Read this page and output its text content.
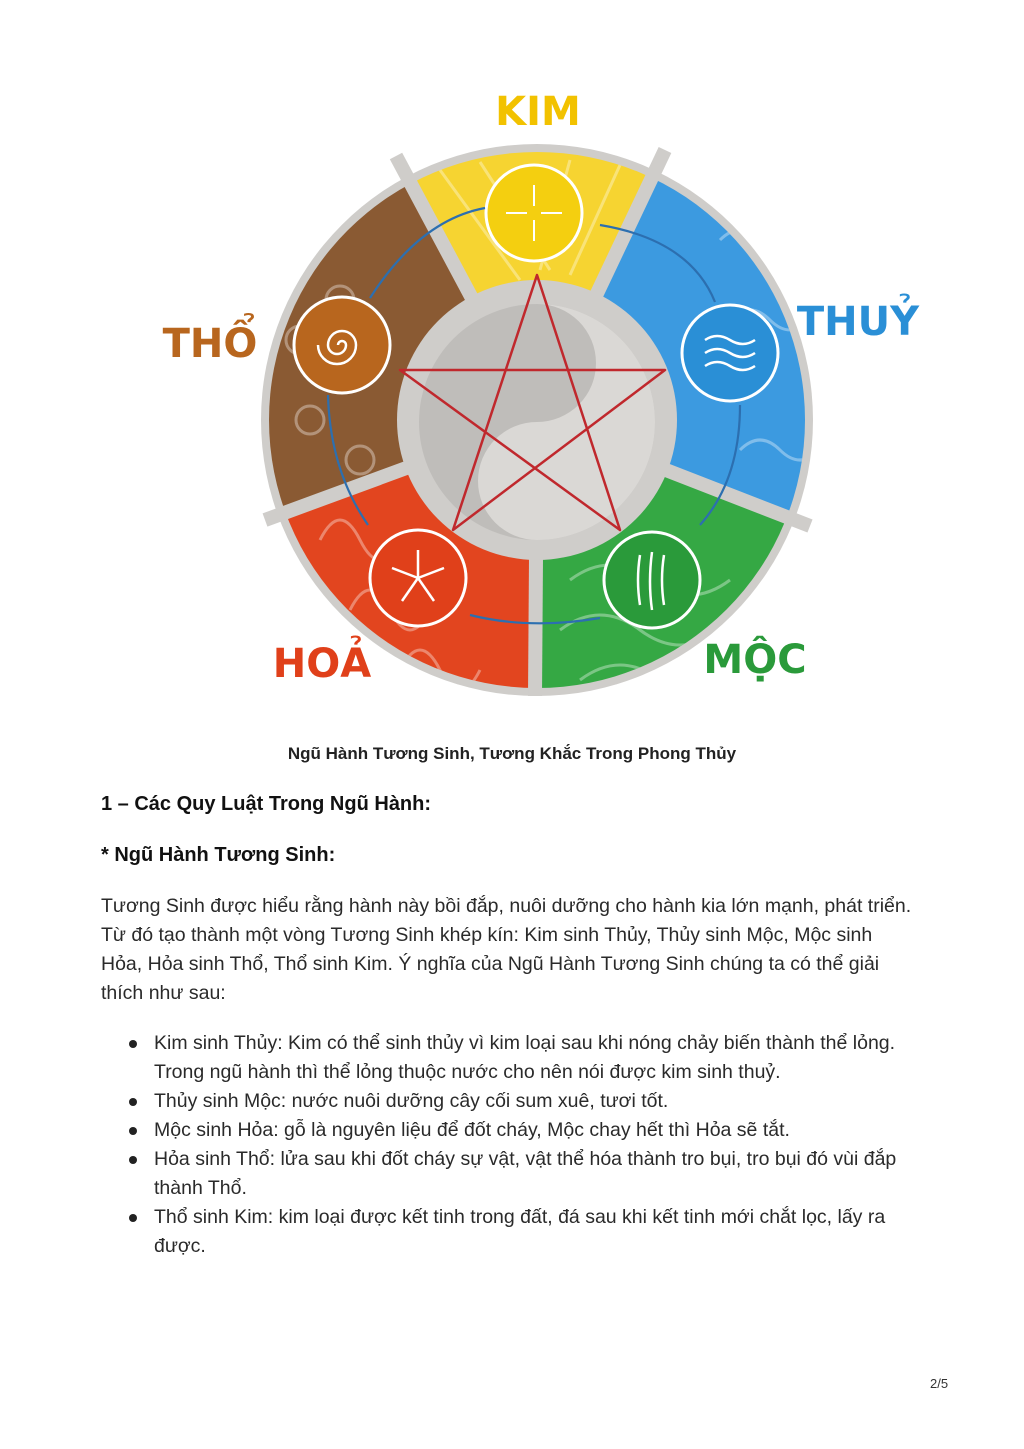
KIM
THUỶ
MỘC
HOẢ
THỔ
Ngũ Hành Tương Sinh, Tương Khắc Trong Phong Thủy
1 – Các Quy Luật Trong Ngũ Hành:
* Ngũ Hành Tương Sinh:

Tương Sinh được hiểu rằng hành này bồi đắp, nuôi dưỡng cho hành kia lớn mạnh, phát triển. Từ đó tạo thành một vòng Tương Sinh khép kín: Kim sinh Thủy, Thủy sinh Mộc, Mộc sinh Hỏa, Hỏa sinh Thổ, Thổ sinh Kim. Ý nghĩa của Ngũ Hành Tương Sinh chúng ta có thể giải thích như sau:

Kim sinh Thủy: Kim có thể sinh thủy vì kim loại sau khi nóng chảy biến thành thể lỏng. Trong ngũ hành thì thể lỏng thuộc nước cho nên nói được kim sinh thuỷ.
Thủy sinh Mộc: nước nuôi dưỡng cây cối sum xuê, tươi tốt.
Mộc sinh Hỏa: gỗ là nguyên liệu để đốt cháy, Mộc chay hết thì Hỏa sẽ tắt.
Hỏa sinh Thổ: lửa sau khi đốt cháy sự vật, vật thể hóa thành tro bụi, tro bụi đó vùi đắp thành Thổ.
Thổ sinh Kim: kim loại được kết tinh trong đất, đá sau khi kết tinh mới chắt lọc, lấy ra được.
2/5
